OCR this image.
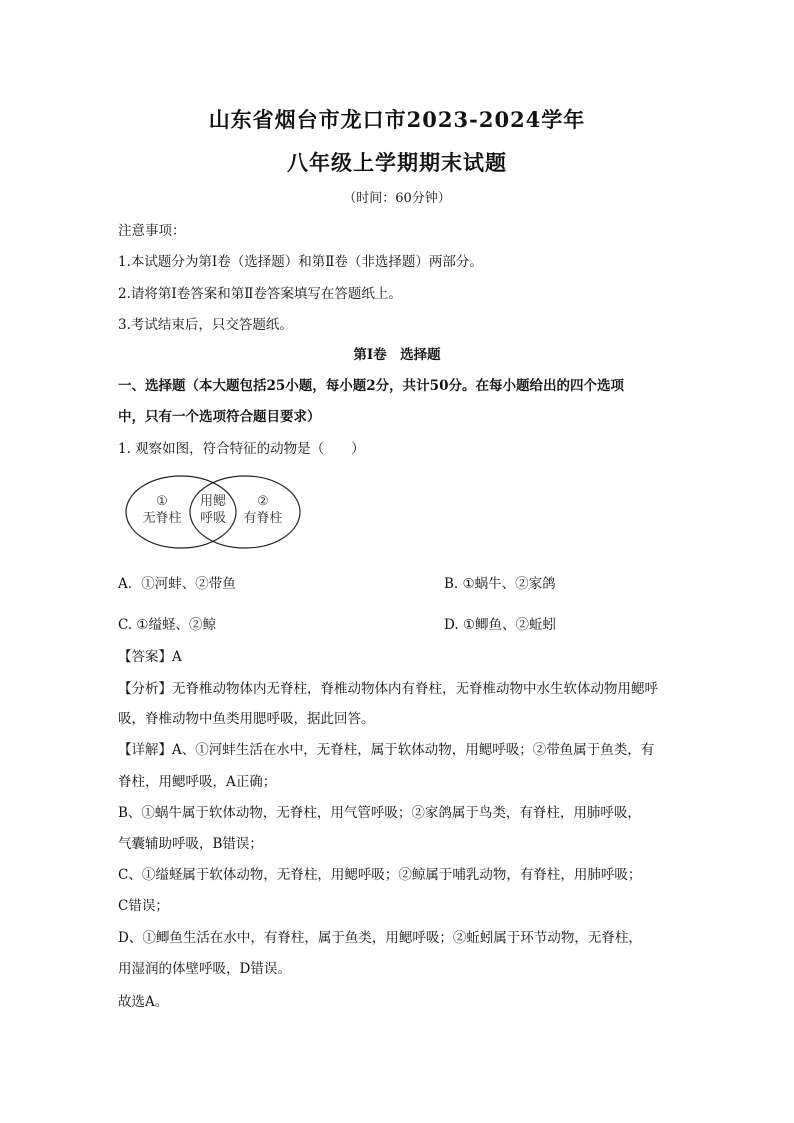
山东省烟台市龙口市2023-2024学年
八年级上学期期末试题
（时间：60分钟）
注意事项：
1.本试题分为第Ⅰ卷（选择题）和第Ⅱ卷（非选择题）两部分。
2.请将第Ⅰ卷答案和第Ⅱ卷答案填写在答题纸上。
3.考试结束后，只交答题纸。
第Ⅰ卷　选择题
一、选择题（本大题包括25小题，每小题2分，共计50分。在每小题给出的四个选项
中，只有一个选项符合题目要求）
1. 观察如图，符合特征的动物是（　　）
①
无脊柱
用鳃
呼吸
②
有脊柱
A．①河蚌、②带鱼	B. ①蜗牛、②家鸽
C. ①缢蛏、②鲸	D. ①鲫鱼、②蚯蚓
【答案】A
【分析】无脊椎动物体内无脊柱，脊椎动物体内有脊柱，无脊椎动物中水生软体动物用鳃呼
吸，脊椎动物中鱼类用腮呼吸，据此回答。
【详解】A、①河蚌生活在水中，无脊柱，属于软体动物，用鳃呼吸；②带鱼属于鱼类，有
脊柱，用鳃呼吸，A正确；
B、①蜗牛属于软体动物，无脊柱，用气管呼吸；②家鸽属于鸟类，有脊柱，用肺呼吸，
气囊辅助呼吸，B错误；
C、①缢蛏属于软体动物，无脊柱，用鳃呼吸；②鲸属于哺乳动物，有脊柱，用肺呼吸；
C错误；
D、①鲫鱼生活在水中，有脊柱，属于鱼类，用鳃呼吸；②蚯蚓属于环节动物，无脊柱，
用湿润的体壁呼吸，D错误。
故选A。
